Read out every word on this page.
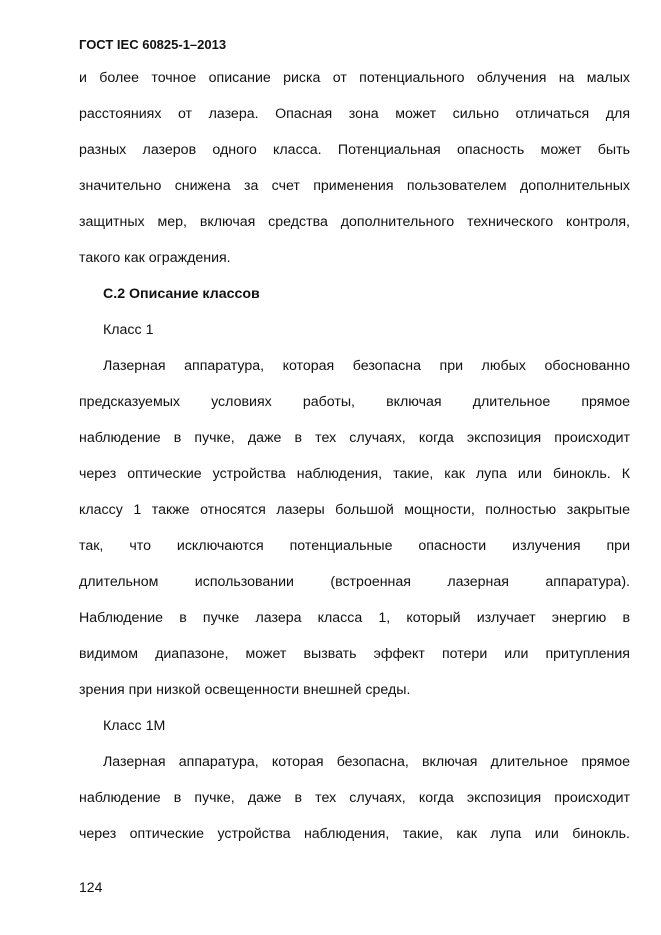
ГОСТ IEC 60825-1–2013
и более точное описание риска от потенциального облучения на малых
расстояниях от лазера. Опасная зона может сильно отличаться для
разных лазеров одного класса. Потенциальная опасность может быть
значительно снижена за счет применения пользователем дополнительных
защитных мер, включая средства дополнительного технического контроля,
такого как ограждения.
С.2 Описание классов
Класс 1
Лазерная аппаратура, которая безопасна при любых обоснованно
предсказуемых условиях работы, включая длительное прямое
наблюдение в пучке, даже в тех случаях, когда экспозиция происходит
через оптические устройства наблюдения, такие, как лупа или бинокль. К
классу 1 также относятся лазеры большой мощности, полностью закрытые
так, что исключаются потенциальные опасности излучения при
длительном использовании (встроенная лазерная аппаратура).
Наблюдение в пучке лазера класса 1, который излучает энергию в
видимом диапазоне, может вызвать эффект потери или притупления
зрения при низкой освещенности внешней среды.
Класс 1М
Лазерная аппаратура, которая безопасна, включая длительное прямое
наблюдение в пучке, даже в тех случаях, когда экспозиция происходит
через оптические устройства наблюдения, такие, как лупа или бинокль.
124
